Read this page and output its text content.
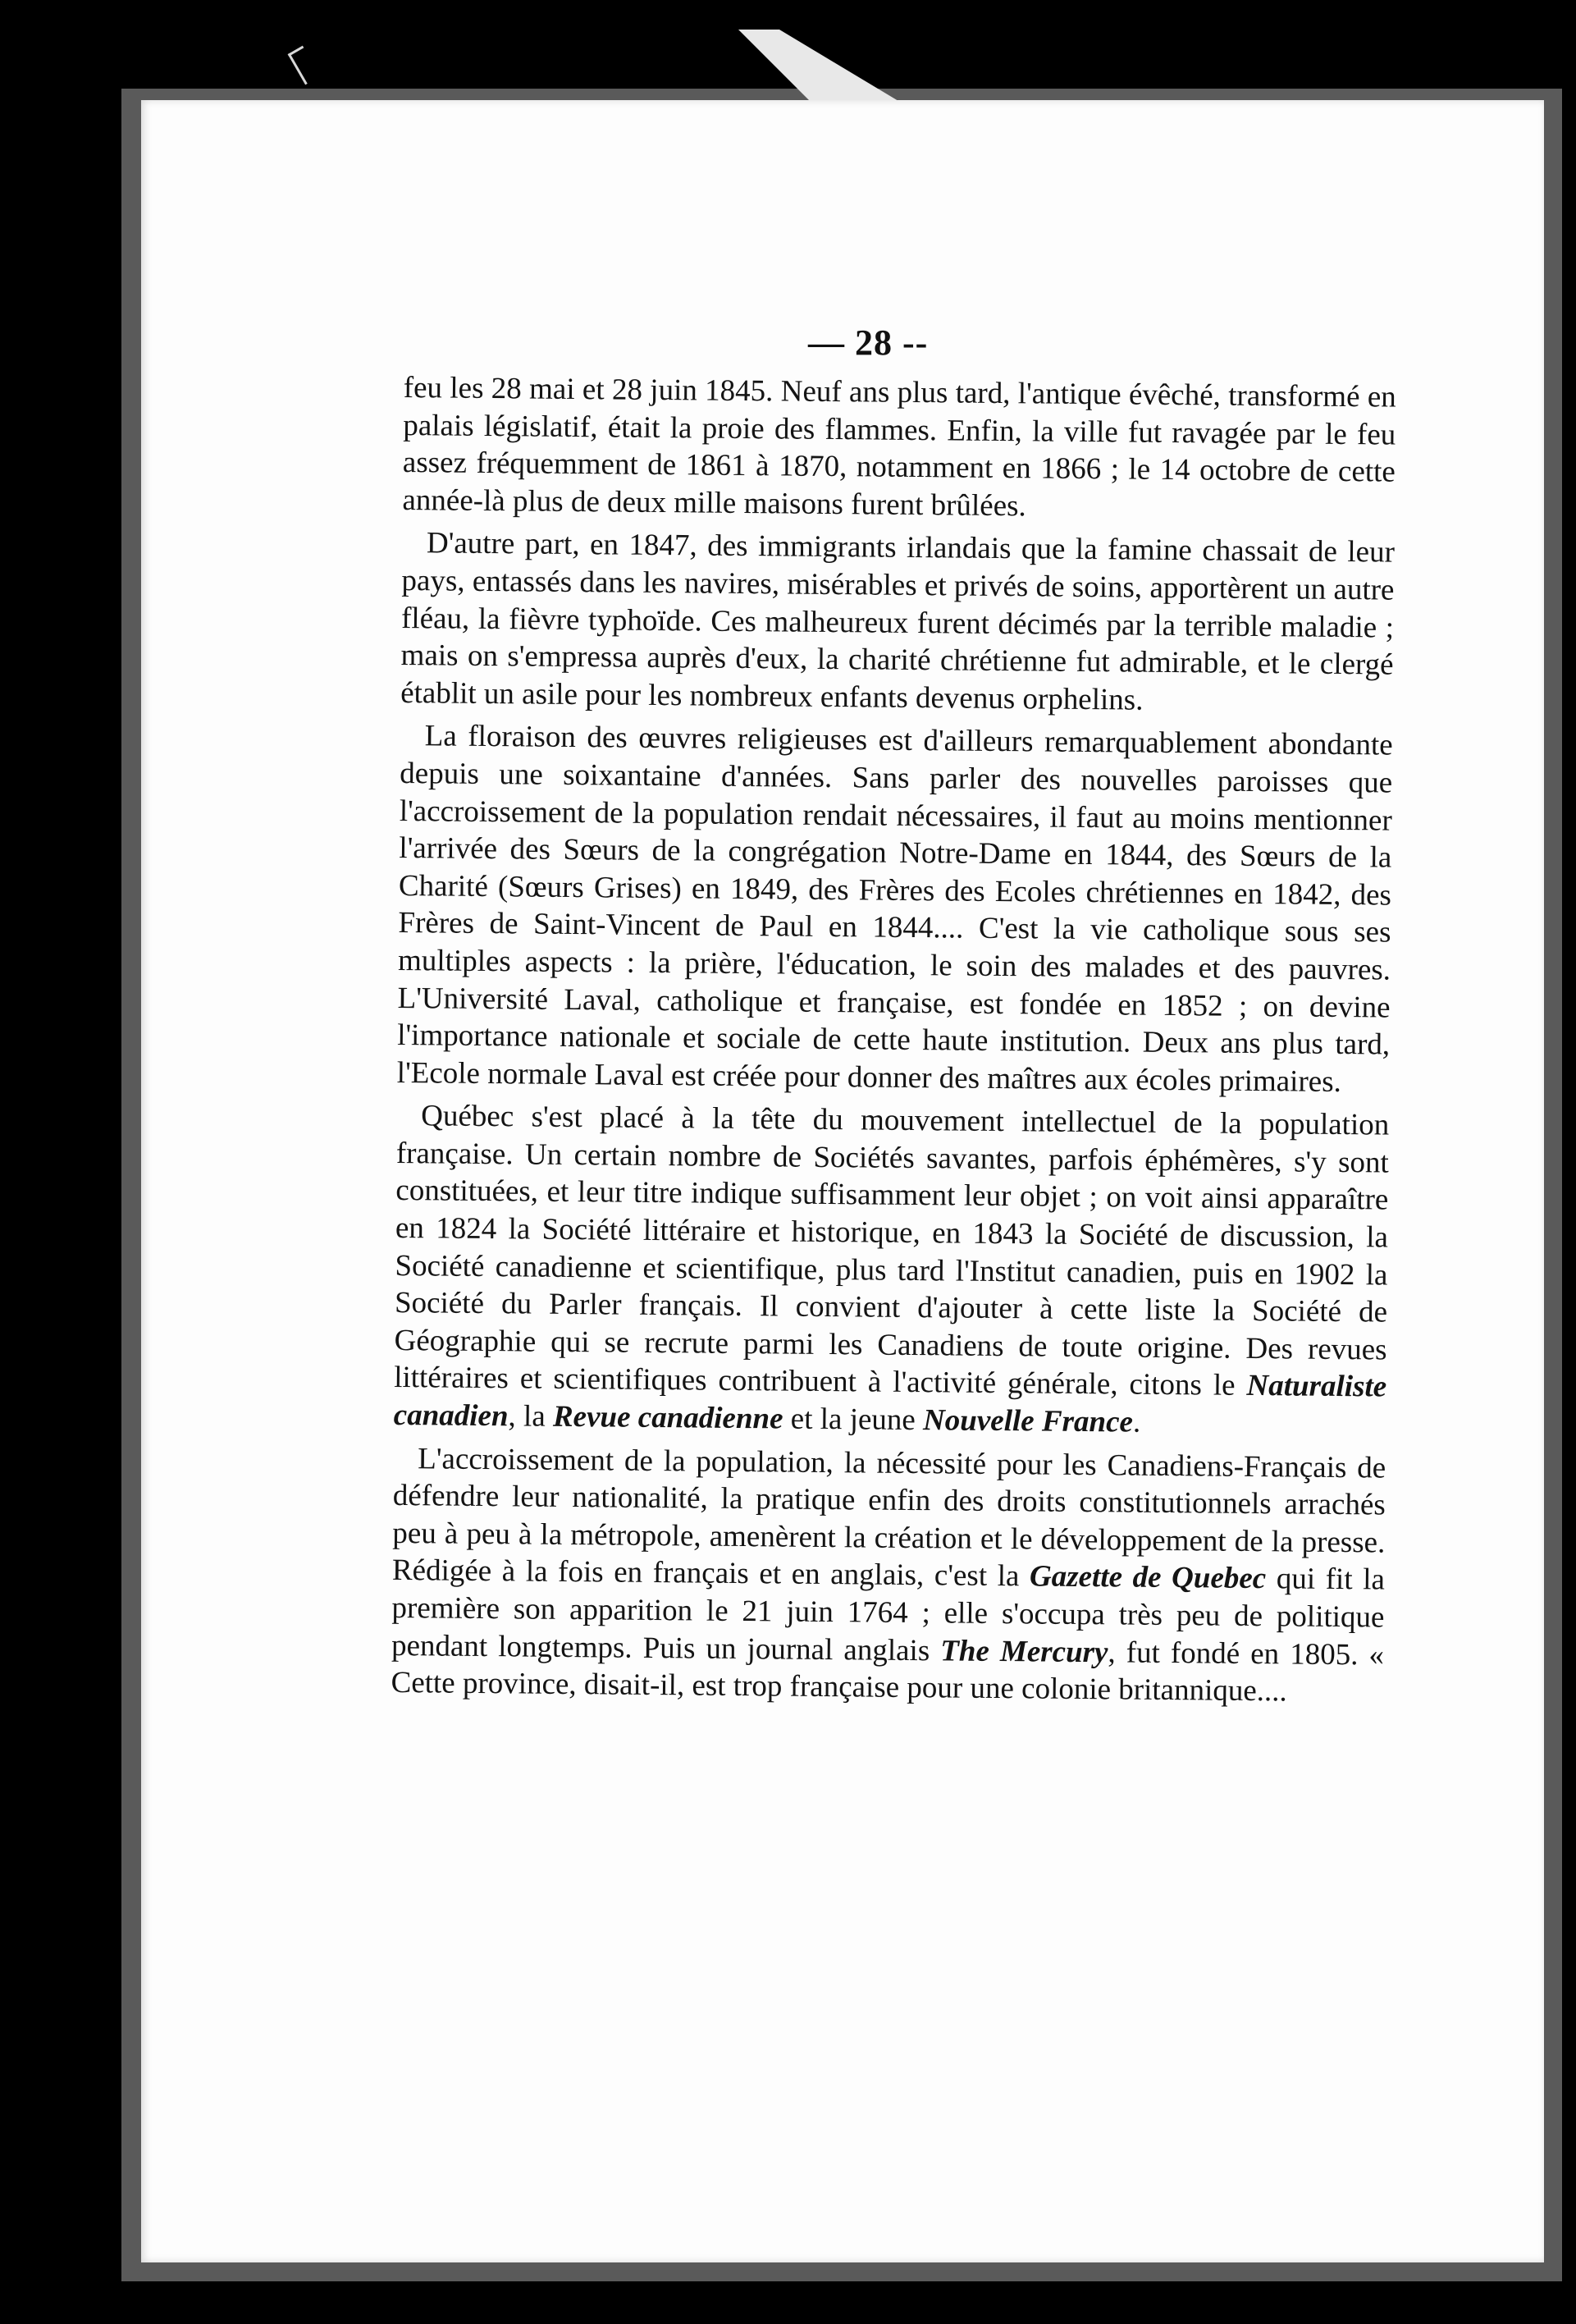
— 28 --

feu les 28 mai et 28 juin 1845. Neuf ans plus tard, l'antique évêché, transformé en palais législatif, était la proie des flammes. Enfin, la ville fut ravagée par le feu assez fréquemment de 1861 à 1870, notamment en 1866 ; le 14 octobre de cette année-là plus de deux mille maisons furent brûlées.

D'autre part, en 1847, des immigrants irlandais que la famine chassait de leur pays, entassés dans les navires, misérables et privés de soins, apportèrent un autre fléau, la fièvre typhoïde. Ces malheureux furent décimés par la terrible maladie ; mais on s'empressa auprès d'eux, la charité chrétienne fut admirable, et le clergé établit un asile pour les nombreux enfants devenus orphelins.

La floraison des œuvres religieuses est d'ailleurs remarquablement abondante depuis une soixantaine d'années. Sans parler des nouvelles paroisses que l'accroissement de la population rendait nécessaires, il faut au moins mentionner l'arrivée des Sœurs de la congrégation Notre-Dame en 1844, des Sœurs de la Charité (Sœurs Grises) en 1849, des Frères des Ecoles chrétiennes en 1842, des Frères de Saint-Vincent de Paul en 1844.... C'est la vie catholique sous ses multiples aspects : la prière, l'éducation, le soin des malades et des pauvres. L'Université Laval, catholique et française, est fondée en 1852 ; on devine l'importance nationale et sociale de cette haute institution. Deux ans plus tard, l'Ecole normale Laval est créée pour donner des maîtres aux écoles primaires.

Québec s'est placé à la tête du mouvement intellectuel de la population française. Un certain nombre de Sociétés savantes, parfois éphémères, s'y sont constituées, et leur titre indique suffisamment leur objet ; on voit ainsi apparaître en 1824 la Société littéraire et historique, en 1843 la Société de discussion, la Société canadienne et scientifique, plus tard l'Institut canadien, puis en 1902 la Société du Parler français. Il convient d'ajouter à cette liste la Société de Géographie qui se recrute parmi les Canadiens de toute origine. Des revues littéraires et scientifiques contribuent à l'activité générale, citons le Naturaliste canadien, la Revue canadienne et la jeune Nouvelle France.

L'accroissement de la population, la nécessité pour les Canadiens-Français de défendre leur nationalité, la pratique enfin des droits constitutionnels arrachés peu à peu à la métropole, amenèrent la création et le développement de la presse. Rédigée à la fois en français et en anglais, c'est la Gazette de Quebec qui fit la première son apparition le 21 juin 1764 ; elle s'occupa très peu de politique pendant longtemps. Puis un journal anglais The Mercury, fut fondé en 1805. « Cette province, disait-il, est trop française pour une colonie britannique....
